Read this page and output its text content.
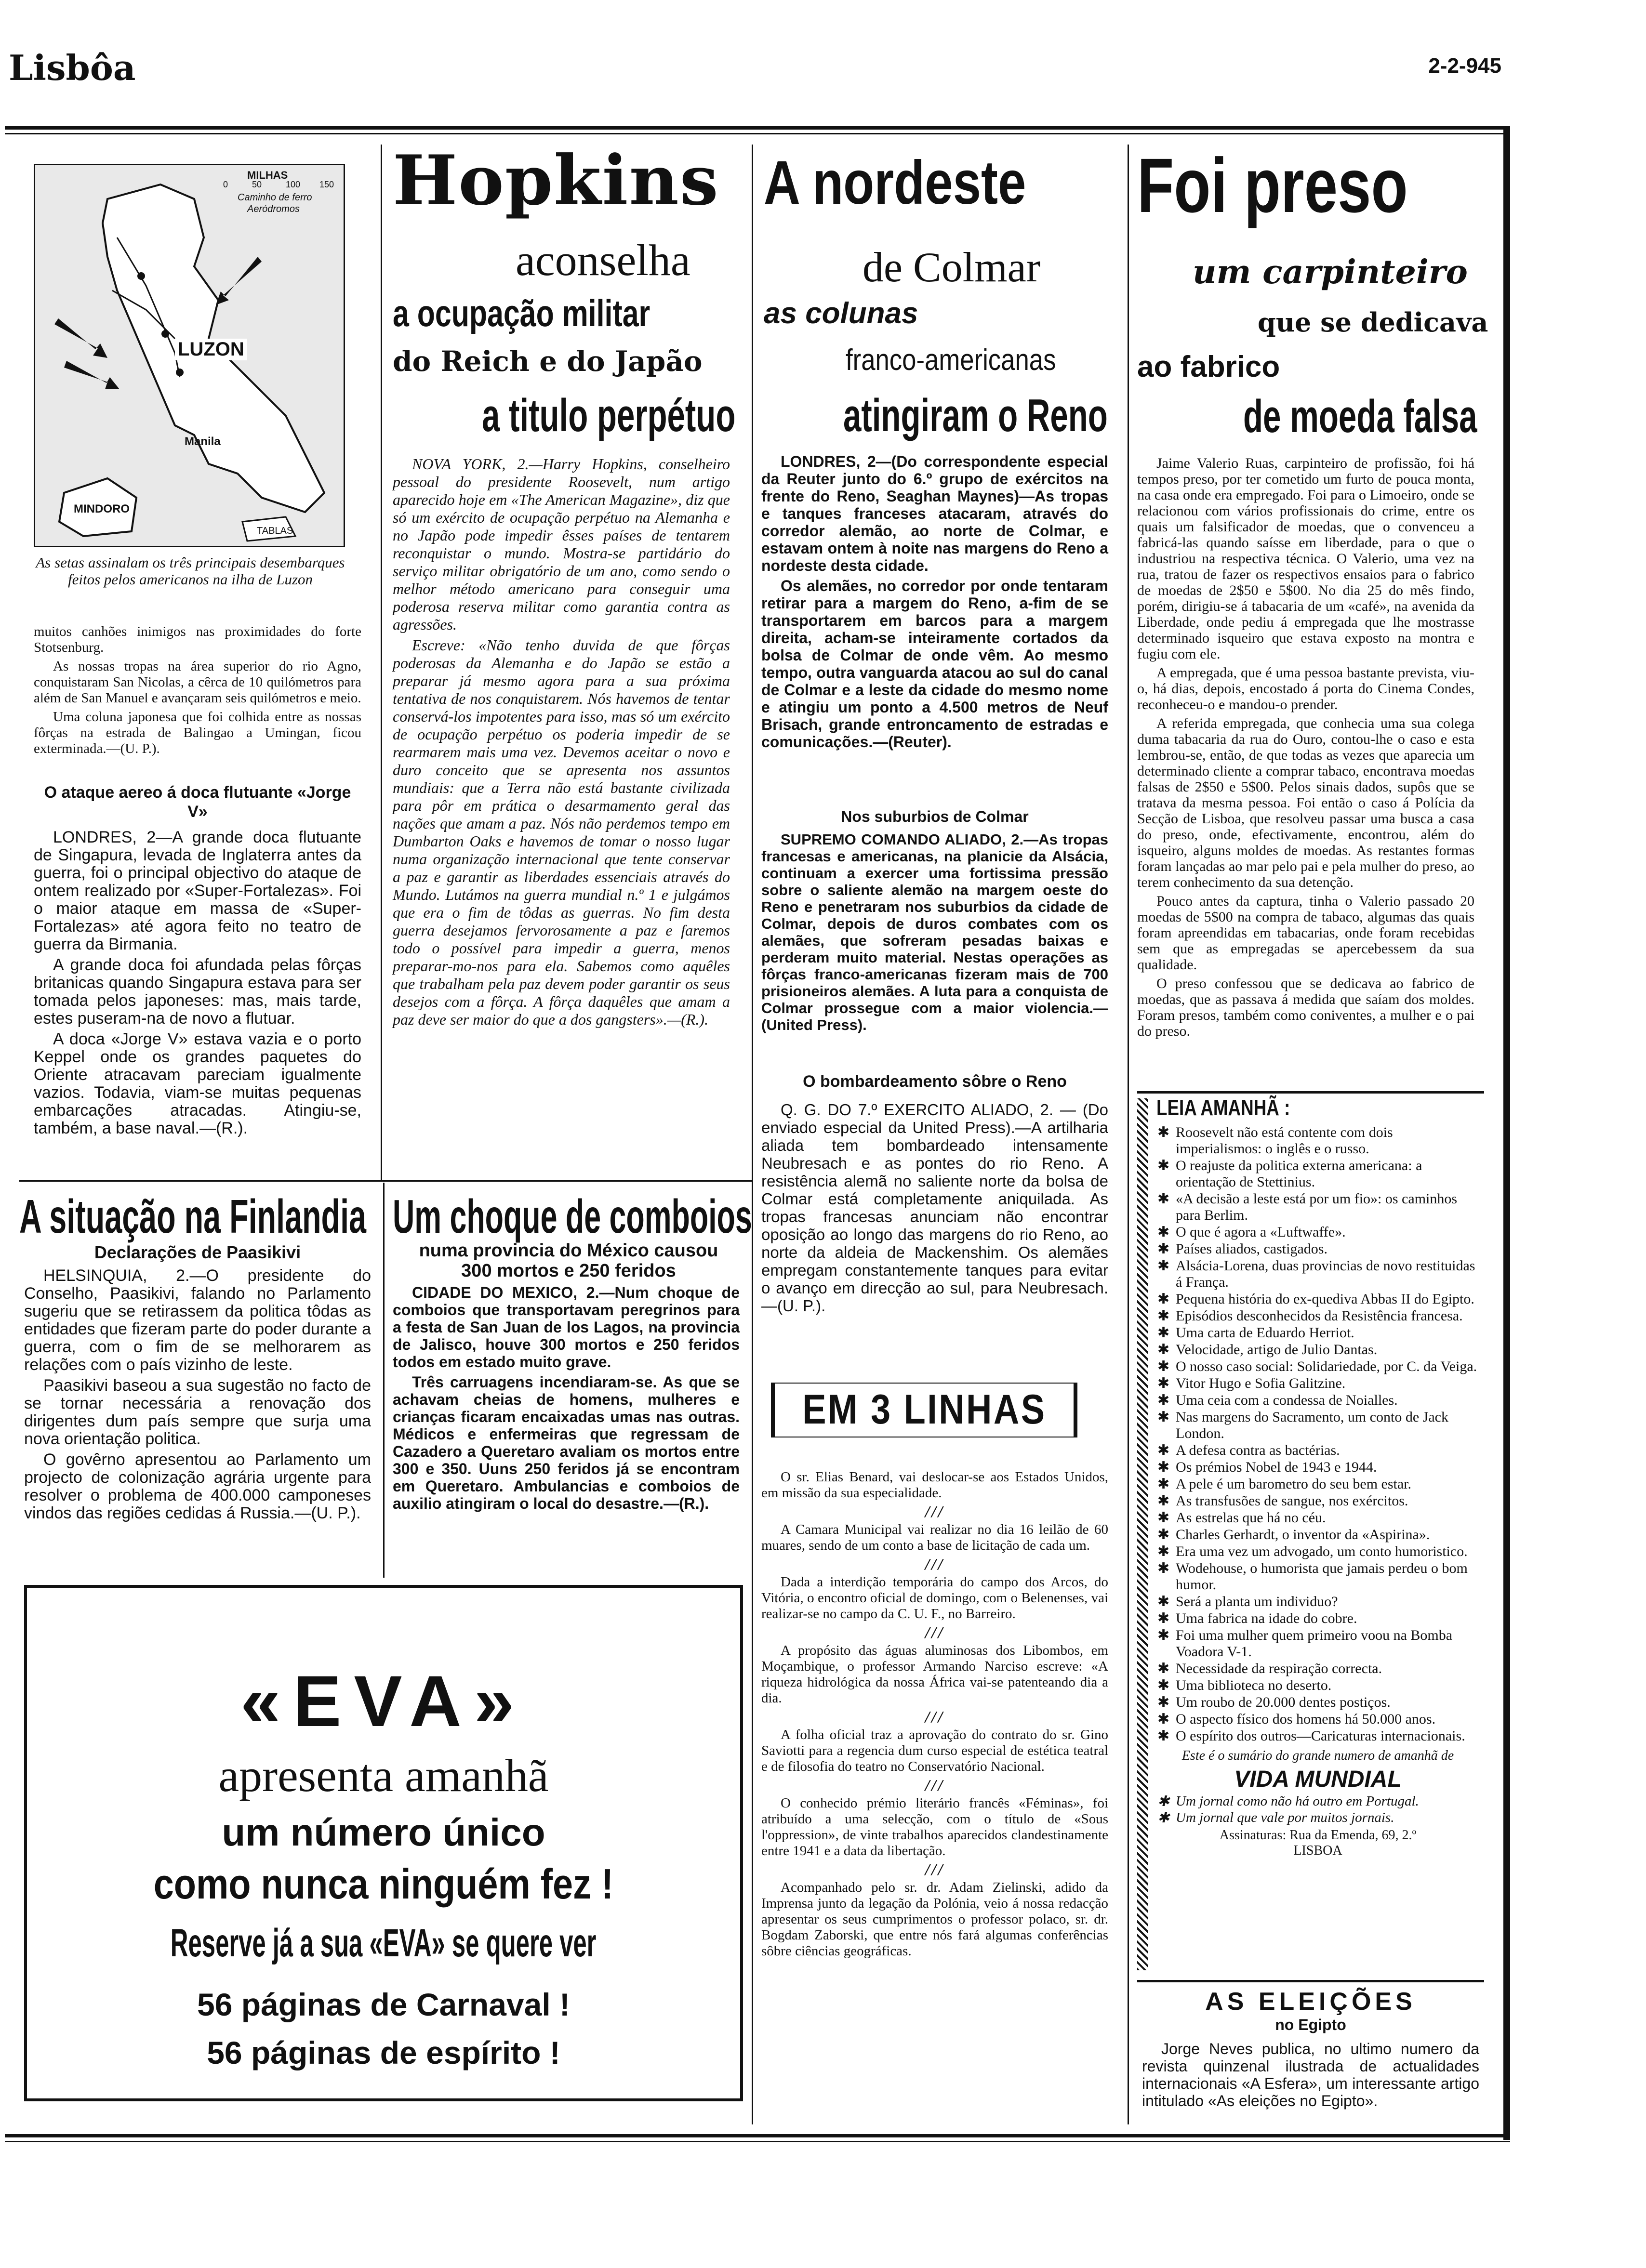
Lisbôa	2-2-945
MILHAS
0	50	100 150
Caminho de ferro
Aeródromos
LUZON
Manila
MINDORO
TABLAS
As setas assinalam os três principais desembarques feitos pelos americanos na ilha de Luzon

muitos canhões inimigos nas proximidades do forte Stotsenburg.

As nossas tropas na área superior do rio Agno, conquistaram San Nicolas, a cêrca de 10 quilómetros para além de San Manuel e avançaram seis quilómetros e meio.

Uma coluna japonesa que foi colhida entre as nossas fôrças na estrada de Balingao a Umingan, ficou exterminada.—(U. P.).

O ataque aereo á doca flutuante «Jorge V»

LONDRES, 2—A grande doca flutuante de Singapura, levada de Inglaterra antes da guerra, foi o principal objectivo do ataque de ontem realizado por «Super-Fortalezas». Foi o maior ataque em massa de «Super-Fortalezas» até agora feito no teatro de guerra da Birmania.

A grande doca foi afundada pelas fôrças britanicas quando Singapura estava para ser tomada pelos japoneses: mas, mais tarde, estes puseram-na de novo a flutuar.

A doca «Jorge V» estava vazia e o porto Keppel onde os grandes paquetes do Oriente atracavam pareciam igualmente vazios. Todavia, viam-se muitas pequenas embarcações atracadas. Atingiu-se, também, a base naval.—(R.).

Hopkins
aconselha
a ocupação militar
do Reich e do Japão
a titulo perpétuo

NOVA YORK, 2.—Harry Hopkins, conselheiro pessoal do presidente Roosevelt, num artigo aparecido hoje em «The American Magazine», diz que só um exército de ocupação perpétuo na Alemanha e no Japão pode impedir êsses países de tentarem reconquistar o mundo. Mostra-se partidário do serviço militar obrigatório de um ano, como sendo o melhor método americano para conseguir uma poderosa reserva militar como garantia contra as agressões.

Escreve: «Não tenho duvida de que fôrças poderosas da Alemanha e do Japão se estão a preparar já mesmo agora para a sua próxima tentativa de nos conquistarem. Nós havemos de tentar conservá-los impotentes para isso, mas só um exército de ocupação perpétuo os poderia impedir de se rearmarem mais uma vez. Devemos aceitar o novo e duro conceito que se apresenta nos assuntos mundiais: que a Terra não está bastante civilizada para pôr em prática o desarmamento geral das nações que amam a paz. Nós não perdemos tempo em Dumbarton Oaks e havemos de tomar o nosso lugar numa organização internacional que tente conservar a paz e garantir as liberdades essenciais através do Mundo. Lutámos na guerra mundial n.º 1 e julgámos que era o fim de tôdas as guerras. No fim desta guerra desejamos fervorosamente a paz e faremos todo o possível para impedir a guerra, menos preparar-mo-nos para ela. Sabemos como aquêles que trabalham pela paz devem poder garantir os seus desejos com a fôrça. A fôrça daquêles que amam a paz deve ser maior do que a dos gangsters».—(R.).

A nordeste
de Colmar
as colunas
franco-americanas
atingiram o Reno

LONDRES, 2—(Do correspondente especial da Reuter junto do 6.º grupo de exércitos na frente do Reno, Seaghan Maynes)—As tropas e tanques franceses atacaram, através do corredor alemão, ao norte de Colmar, e estavam ontem à noite nas margens do Reno a nordeste desta cidade.

Os alemães, no corredor por onde tentaram retirar para a margem do Reno, a-fim de se transportarem em barcos para a margem direita, acham-se inteiramente cortados da bolsa de Colmar de onde vêm. Ao mesmo tempo, outra vanguarda atacou ao sul do canal de Colmar e a leste da cidade do mesmo nome e atingiu um ponto a 4.500 metros de Neuf Brisach, grande entroncamento de estradas e comunicações.—(Reuter).

Nos suburbios de Colmar

SUPREMO COMANDO ALIADO, 2.—As tropas francesas e americanas, na planicie da Alsácia, continuam a exercer uma fortissima pressão sobre o saliente alemão na margem oeste do Reno e penetraram nos suburbios da cidade de Colmar, depois de duros combates com os alemães, que sofreram pesadas baixas e perderam muito material. Nestas operações as fôrças franco-americanas fizeram mais de 700 prisioneiros alemães. A luta para a conquista de Colmar prossegue com a maior violencia.—(United Press).

O bombardeamento sôbre o Reno

Q. G. DO 7.º EXERCITO ALIADO, 2. — (Do enviado especial da United Press).—A artilharia aliada tem bombardeado intensamente Neubresach e as pontes do rio Reno. A resistência alemã no saliente norte da bolsa de Colmar está completamente aniquilada. As tropas francesas anunciam não encontrar oposição ao longo das margens do rio Reno, ao norte da aldeia de Mackenshim. Os alemães empregam constantemente tanques para evitar o avanço em direcção ao sul, para Neubresach.—(U. P.).

Foi preso
um carpinteiro
que se dedicava
ao fabrico
de moeda falsa

Jaime Valerio Ruas, carpinteiro de profissão, foi há tempos preso, por ter cometido um furto de pouca monta, na casa onde era empregado. Foi para o Limoeiro, onde se relacionou com vários profissionais do crime, entre os quais um falsificador de moedas, que o convenceu a fabricá-las quando saísse em liberdade, para o que o industriou na respectiva técnica. O Valerio, uma vez na rua, tratou de fazer os respectivos ensaios para o fabrico de moedas de 2$50 e 5$00. No dia 25 do mês findo, porém, dirigiu-se á tabacaria de um «café», na avenida da Liberdade, onde pediu á empregada que lhe mostrasse determinado isqueiro que estava exposto na montra e fugiu com ele.

A empregada, que é uma pessoa bastante prevista, viu-o, há dias, depois, encostado á porta do Cinema Condes, reconheceu-o e mandou-o prender.

A referida empregada, que conhecia uma sua colega duma tabacaria da rua do Ouro, contou-lhe o caso e esta lembrou-se, então, de que todas as vezes que aparecia um determinado cliente a comprar tabaco, encontrava moedas falsas de 2$50 e 5$00. Pelos sinais dados, supôs que se tratava da mesma pessoa. Foi então o caso á Polícia da Secção de Lisboa, que resolveu passar uma busca a casa do preso, onde, efectivamente, encontrou, além do isqueiro, alguns moldes de moedas. As restantes formas foram lançadas ao mar pelo pai e pela mulher do preso, ao terem conhecimento da sua detenção.

Pouco antes da captura, tinha o Valerio passado 20 moedas de 5$00 na compra de tabaco, algumas das quais foram apreendidas em tabacarias, onde foram recebidas sem que as empregadas se apercebessem da sua qualidade.

O preso confessou que se dedicava ao fabrico de moedas, que as passava á medida que saíam dos moldes. Foram presos, também como coniventes, a mulher e o pai do preso.

LEIA AMANHÃ :
✱ Roosevelt não está contente com dois imperialismos: o inglês e o russo.
✱ O reajuste da politica externa americana: a orientação de Stettinius.
✱ «A decisão a leste está por um fio»: os caminhos para Berlim.
✱ O que é agora a «Luftwaffe».
✱ Países aliados, castigados.
✱ Alsácia-Lorena, duas provincias de novo restituidas á França.
✱ Pequena história do ex-quediva Abbas II do Egipto.
✱ Episódios desconhecidos da Resistência francesa.
✱ Uma carta de Eduardo Herriot.
✱ Velocidade, artigo de Julio Dantas.
✱ O nosso caso social: Solidariedade, por C. da Veiga.
✱ Vitor Hugo e Sofia Galitzine.
✱ Uma ceia com a condessa de Noialles.
✱ Nas margens do Sacramento, um conto de Jack London.
✱ A defesa contra as bactérias.
✱ Os prémios Nobel de 1943 e 1944.
✱ A pele é um barometro do seu bem estar.
✱ As transfusões de sangue, nos exércitos.
✱ As estrelas que há no céu.
✱ Charles Gerhardt, o inventor da «Aspirina».
✱ Era uma vez um advogado, um conto humoristico.
✱ Wodehouse, o humorista que jamais perdeu o bom humor.
✱ Será a planta um individuo?
✱ Uma fabrica na idade do cobre.
✱ Foi uma mulher quem primeiro voou na Bomba Voadora V-1.
✱ Necessidade da respiração correcta.
✱ Uma biblioteca no deserto.
✱ Um roubo de 20.000 dentes postiços.
✱ O aspecto físico dos homens há 50.000 anos.
✱ O espírito dos outros—Caricaturas internacionais.
Este é o sumário do grande numero de amanhã de
VIDA MUNDIAL
✱ Um jornal como não há outro em Portugal.
✱ Um jornal que vale por muitos jornais.
Assinaturas: Rua da Emenda, 69, 2.º
LISBOA
AS ELEIÇÕES
no Egipto

Jorge Neves publica, no ultimo numero da revista quinzenal ilustrada de actualidades internacionais «A Esfera», um interessante artigo intitulado «As eleições no Egipto».

A situação na Finlandia
Declarações de Paasikivi

HELSINQUIA, 2.—O presidente do Conselho, Paasikivi, falando no Parlamento sugeriu que se retirassem da politica tôdas as entidades que fizeram parte do poder durante a guerra, com o fim de se melhorarem as relações com o país vizinho de leste.

Paasikivi baseou a sua sugestão no facto de se tornar necessária a renovação dos dirigentes dum país sempre que surja uma nova orientação politica.

O govêrno apresentou ao Parlamento um projecto de colonização agrária urgente para resolver o problema de 400.000 camponeses vindos das regiões cedidas á Russia.—(U. P.).

Um choque de comboios
numa provincia do México causou 300 mortos e 250 feridos

CIDADE DO MEXICO, 2.—Num choque de comboios que transportavam peregrinos para a festa de San Juan de los Lagos, na provincia de Jalisco, houve 300 mortos e 250 feridos todos em estado muito grave.

Três carruagens incendiaram-se. As que se achavam cheias de homens, mulheres e crianças ficaram encaixadas umas nas outras. Médicos e enfermeiras que regressam de Cazadero a Queretaro avaliam os mortos entre 300 e 350. Uuns 250 feridos já se encontram em Queretaro. Ambulancias e comboios de auxilio atingiram o local do desastre.—(R.).

«EVA»
apresenta amanhã
um número único
como nunca ninguém fez !
Reserve já a sua «EVA» se quere ver
56 páginas de Carnaval !
56 páginas de espírito !
EM 3 LINHAS

O sr. Elias Benard, vai deslocar-se aos Estados Unidos, em missão da sua especialidade.

///

A Camara Municipal vai realizar no dia 16 leilão de 60 muares, sendo de um conto a base de licitação de cada um.

///

Dada a interdição temporária do campo dos Arcos, do Vitória, o encontro oficial de domingo, com o Belenenses, vai realizar-se no campo da C. U. F., no Barreiro.

///

A propósito das águas aluminosas dos Libombos, em Moçambique, o professor Armando Narciso escreve: «A riqueza hidrológica da nossa África vai-se patenteando dia a dia.

///

A folha oficial traz a aprovação do contrato do sr. Gino Saviotti para a regencia dum curso especial de estética teatral e de filosofia do teatro no Conservatório Nacional.

///

O conhecido prémio literário francês «Féminas», foi atribuído a uma selecção, com o título de «Sous l'oppression», de vinte trabalhos aparecidos clandestinamente entre 1941 e a data da libertação.

///

Acompanhado pelo sr. dr. Adam Zielinski, adido da Imprensa junto da legação da Polónia, veio á nossa redacção apresentar os seus cumprimentos o professor polaco, sr. dr. Bogdam Zaborski, que entre nós fará algumas conferências sôbre ciências geográficas.
